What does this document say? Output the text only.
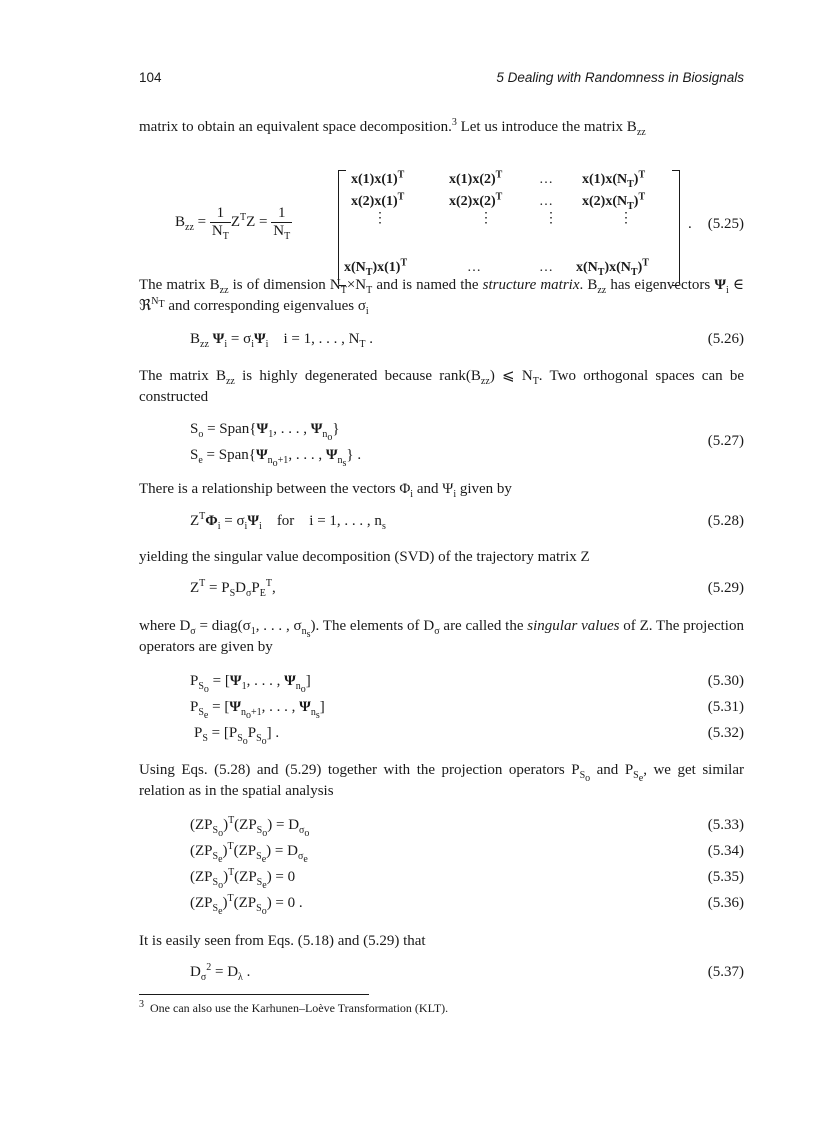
104	5 Dealing with Randomness in Biosignals
matrix to obtain an equivalent space decomposition.$^3$ Let us introduce the matrix $B_{zz}$
$B_{zz} = \frac{1}{N_T} Z^TZ = \frac{1}{N_T}$
$x(1)x(1)^T$	$x(1)x(2)^T$	… $x(1)x(N_T)^T$
$x(2)x(1)^T$	$x(2)x(2)^T$	… $x(2)x(N_T)^T$
⋮	⋮	⋮	⋮
$x(N_T)x(1)^T$	…	… $x(N_T)x(N_T)^T$
. (5.25)
The matrix $B_{zz}$ is of dimension $N_T\times N_T$ and is named the structure matrix. $B_{zz}$ has eigenvectors $\Psi_i$ ∈ ℜ$^{N_T}$ and corresponding eigenvalues $\sigma_i$
$B_{zz}$ $\Psi_i = \sigma_i\Psi_i$    i = 1, . . . , $N_T$ .	(5.26)
The matrix $B_{zz}$ is highly degenerated because $rank(B_{zz})$ ⩽ $N_T$. Two orthogonal spaces can be constructed
$S_o$ = $Span\{\Psi_1$, . . . , $\Psi_{n_o}$}
$S_e$ = $Span\{\Psi_{n_o+1}$, . . . , $\Psi_{n_s}$} .
(5.27)
There is a relationship between the vectors $\Phi_i$ and $\Psi_i$ given by
$Z^T\Phi_i = \sigma_i\Psi_i$    for    i = 1, . . . , $n_s$	(5.28)
yielding the singular value decomposition (SVD) of the trajectory matrix Z
$Z^T = P_SD_\sigma P_E^T$,	(5.29)
where $D_\sigma$ = $diag(\sigma_1$, . . . , $\sigma_{n_s}$). The elements of $D_\sigma$ are called the singular values of Z. The projection operators are given by
$P_{S_o} = [\Psi_1$, . . . , $\Psi_{n_o}$]	(5.30)
$P_{S_e} = [\Psi_{n_o+1}$, . . . , $\Psi_{n_s}$]	(5.31)
$P_S = [P_{S_o}P_{S_o}]$ .	(5.32)
Using Eqs. (5.28) and (5.29) together with the projection operators $P_{S_o}$ and $P_{S_e}$, we get similar relation as in the spatial analysis
$(ZP_{S_o})^T(ZP_{S_o}) = D_{\sigma_o}$
(5.33)
$(ZP_{S_e})^T(ZP_{S_e}) = D_{\sigma_e}$
(5.34)
$(ZP_{S_o})^T(ZP_{S_e}) = 0$	(5.35)
$(ZP_{S_e})^T(ZP_{S_o}) = 0$ .	(5.36)
It is easily seen from Eqs. (5.18) and (5.29) that
$D_\sigma^2 = D_\lambda$ .	(5.37)
$^3$ One can also use the Karhunen–Loève Transformation (KLT).
